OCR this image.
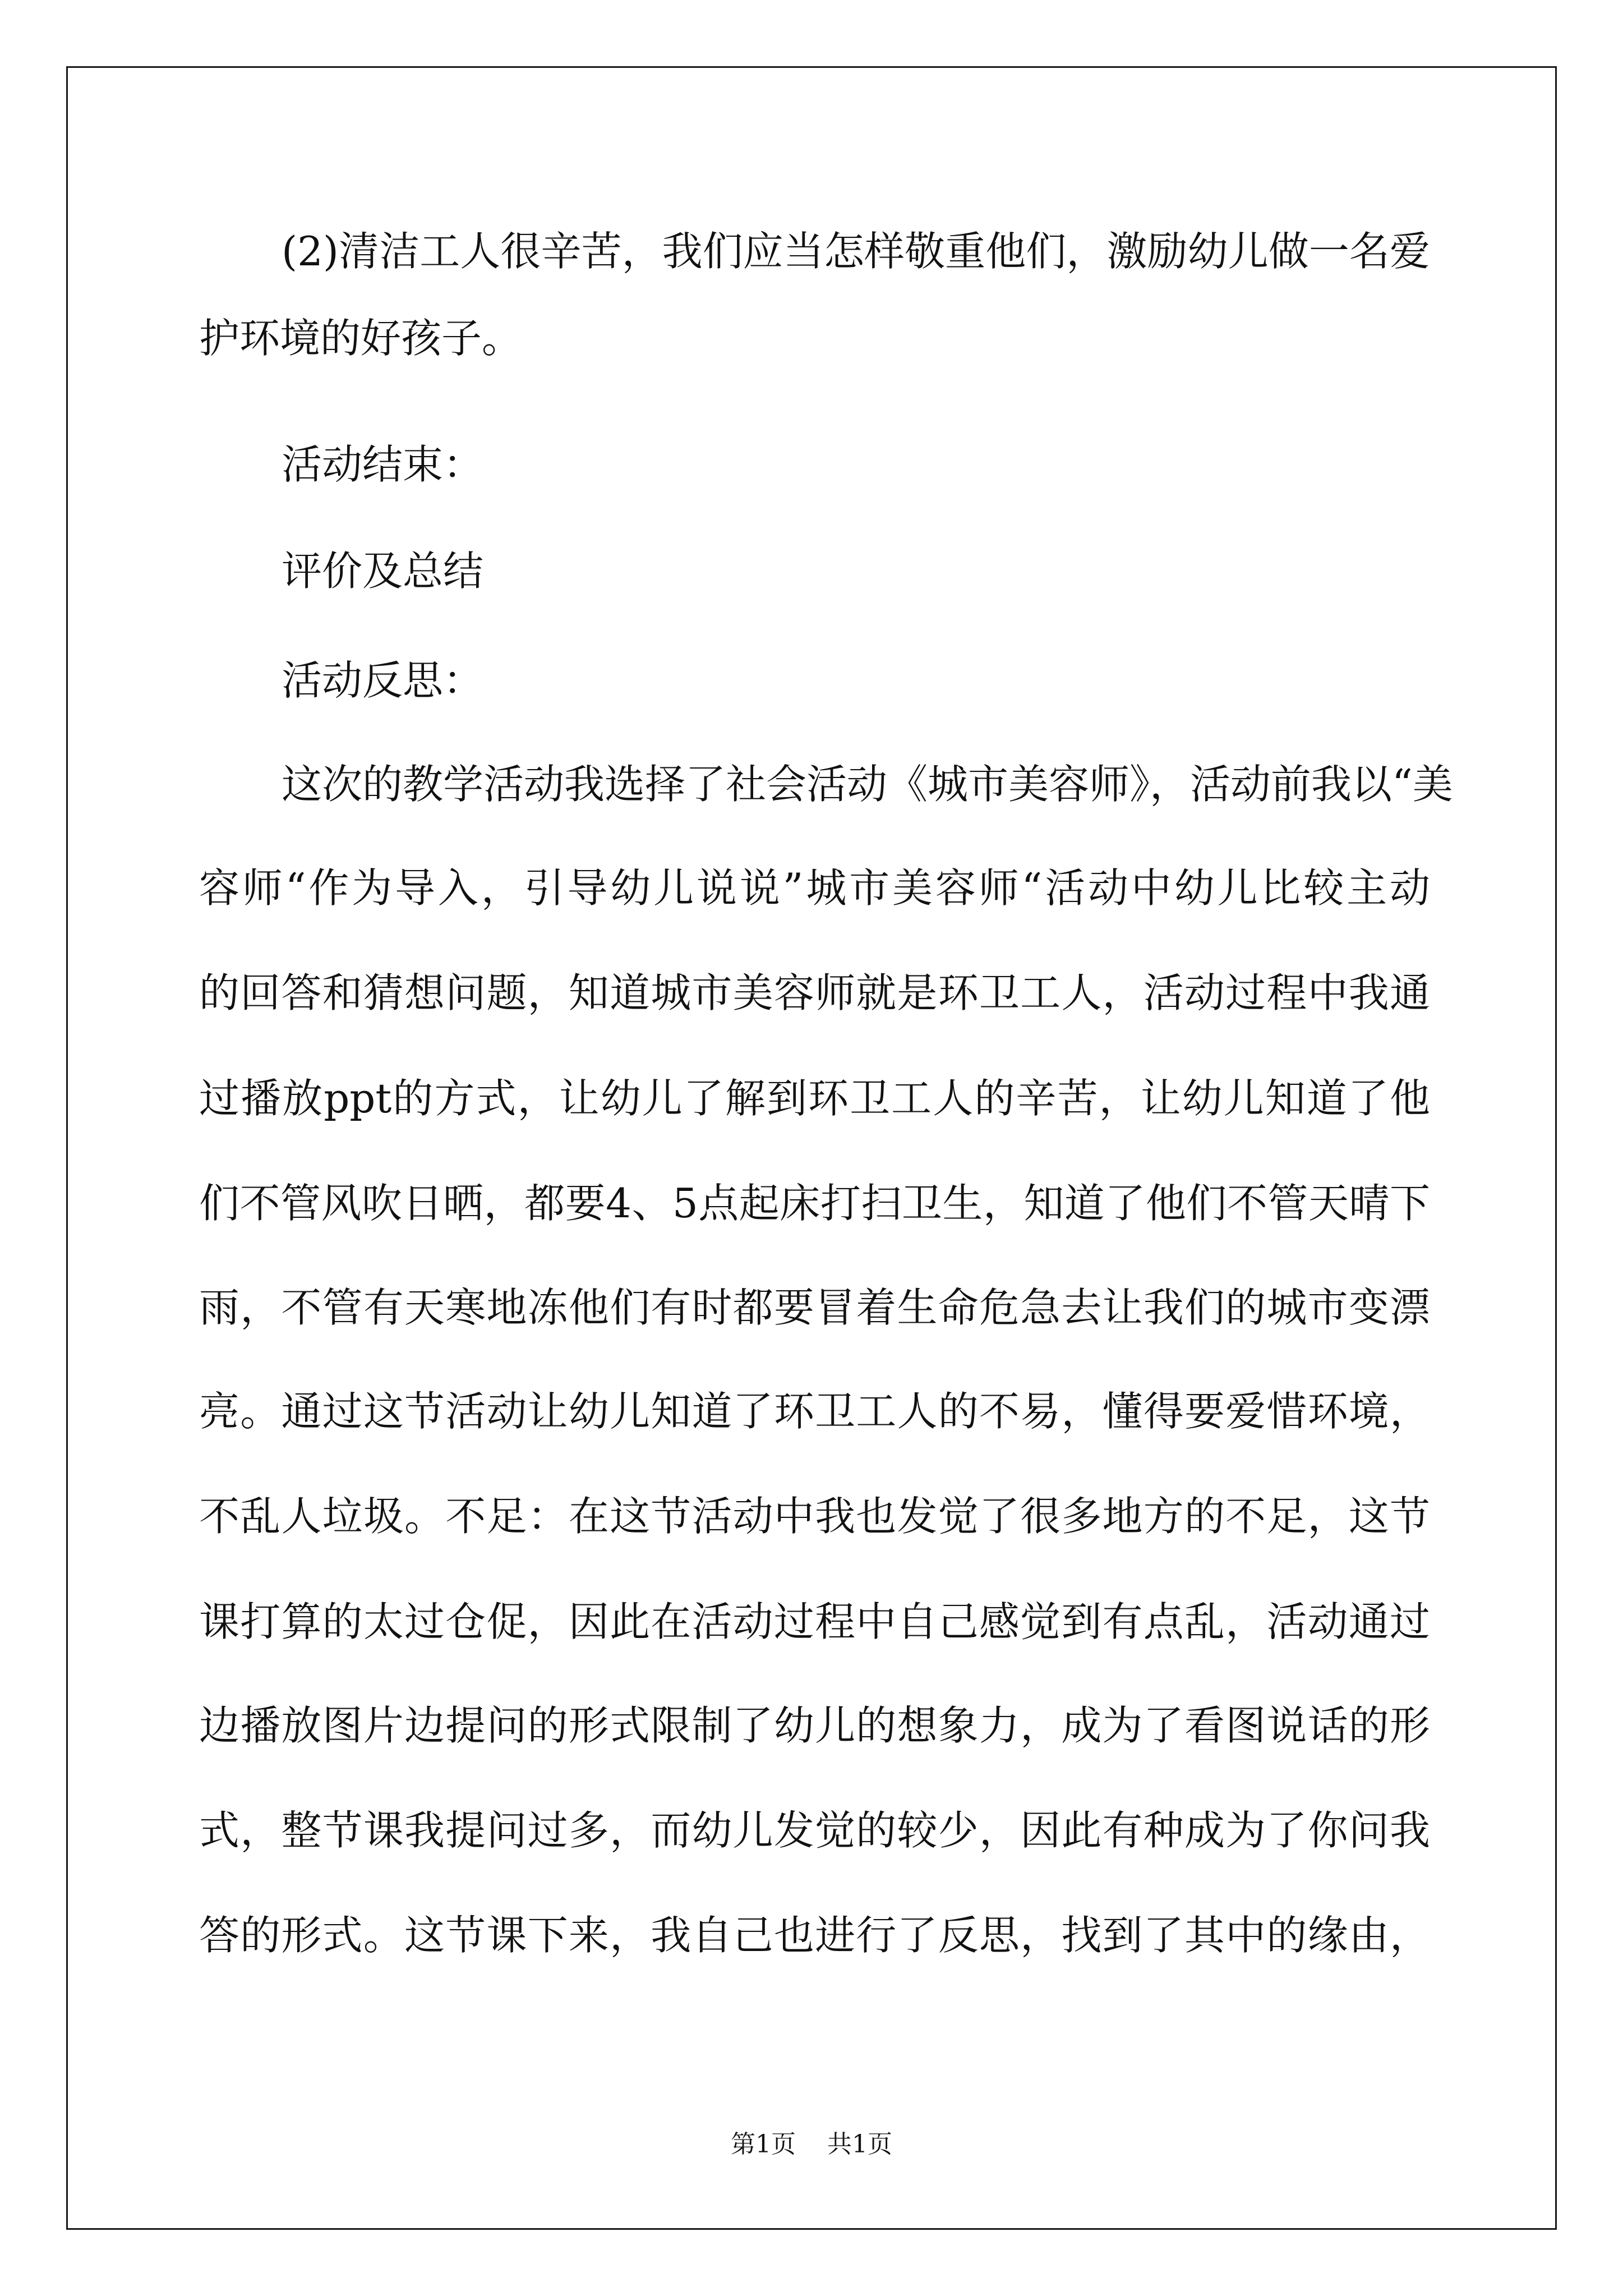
(2)清洁工人很辛苦，我们应当怎样敬重他们，激励幼儿做一名爱
护环境的好孩子。
活动结束：
评价及总结
活动反思：
这次的教学活动我选择了社会活动《城市美容师》，活动前我以“美
容师“作为导入，引导幼儿说说”城市美容师“活动中幼儿比较主动
的回答和猜想问题，知道城市美容师就是环卫工人，活动过程中我通
过播放ppt的方式，让幼儿了解到环卫工人的辛苦，让幼儿知道了他
们不管风吹日晒，都要4、5点起床打扫卫生，知道了他们不管天晴下
雨，不管有天寒地冻他们有时都要冒着生命危急去让我们的城市变漂
亮。通过这节活动让幼儿知道了环卫工人的不易，懂得要爱惜环境，
不乱人垃圾。不足：在这节活动中我也发觉了很多地方的不足，这节
课打算的太过仓促，因此在活动过程中自己感觉到有点乱，活动通过
边播放图片边提问的形式限制了幼儿的想象力，成为了看图说话的形
式，整节课我提问过多，而幼儿发觉的较少，因此有种成为了你问我
答的形式。这节课下来，我自己也进行了反思，找到了其中的缘由，
第1页 共1页
